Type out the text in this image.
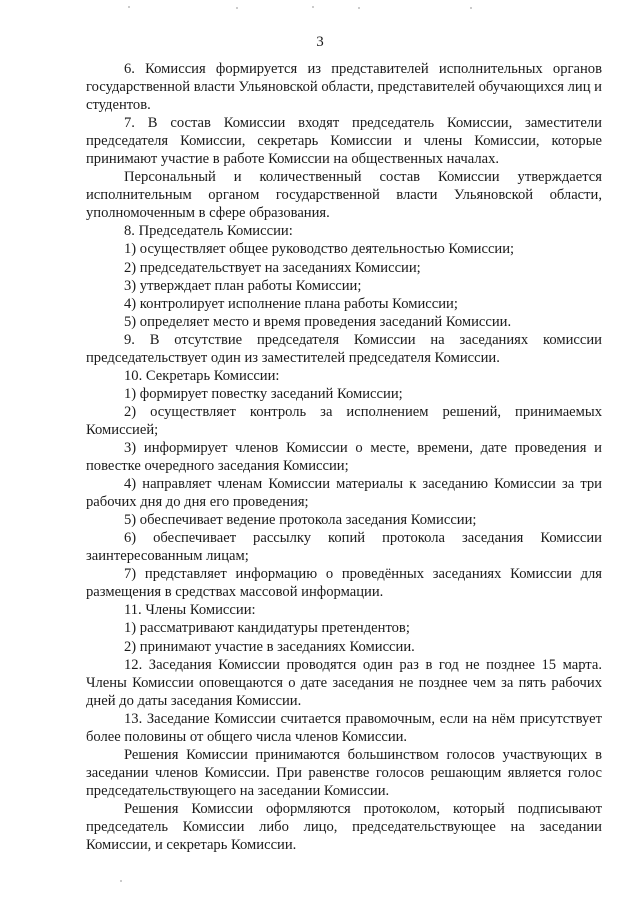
3

6. Комиссия формируется из представителей исполнительных органов государственной власти Ульяновской области, представителей обучающихся лиц и студентов.

7. В состав Комиссии входят председатель Комиссии, заместители председателя Комиссии, секретарь Комиссии и члены Комиссии, которые принимают участие в работе Комиссии на общественных началах.

Персональный и количественный состав Комиссии утверждается исполнительным органом государственной власти Ульяновской области, уполномоченным в сфере образования.

8. Председатель Комиссии:

1) осуществляет общее руководство деятельностью Комиссии;

2) председательствует на заседаниях Комиссии;

3) утверждает план работы Комиссии;

4) контролирует исполнение плана работы Комиссии;

5) определяет место и время проведения заседаний Комиссии.

9. В отсутствие председателя Комиссии на заседаниях комиссии председательствует один из заместителей председателя Комиссии.

10. Секретарь Комиссии:

1) формирует повестку заседаний Комиссии;

2) осуществляет контроль за исполнением решений, принимаемых Комиссией;

3) информирует членов Комиссии о месте, времени, дате проведения и повестке очередного заседания Комиссии;

4) направляет членам Комиссии материалы к заседанию Комиссии за три рабочих дня до дня его проведения;

5) обеспечивает ведение протокола заседания Комиссии;

6) обеспечивает рассылку копий протокола заседания Комиссии заинтересованным лицам;

7) представляет информацию о проведённых заседаниях Комиссии для размещения в средствах массовой информации.

11. Члены Комиссии:

1) рассматривают кандидатуры претендентов;

2) принимают участие в заседаниях Комиссии.

12. Заседания Комиссии проводятся один раз в год не позднее 15 марта. Члены Комиссии оповещаются о дате заседания не позднее чем за пять рабочих дней до даты заседания Комиссии.

13. Заседание Комиссии считается правомочным, если на нём присутствует более половины от общего числа членов Комиссии.

Решения Комиссии принимаются большинством голосов участвующих в заседании членов Комиссии. При равенстве голосов решающим является голос председательствующего на заседании Комиссии.

Решения Комиссии оформляются протоколом, который подписывают председатель Комиссии либо лицо, председательствующее на заседании Комиссии, и секретарь Комиссии.
